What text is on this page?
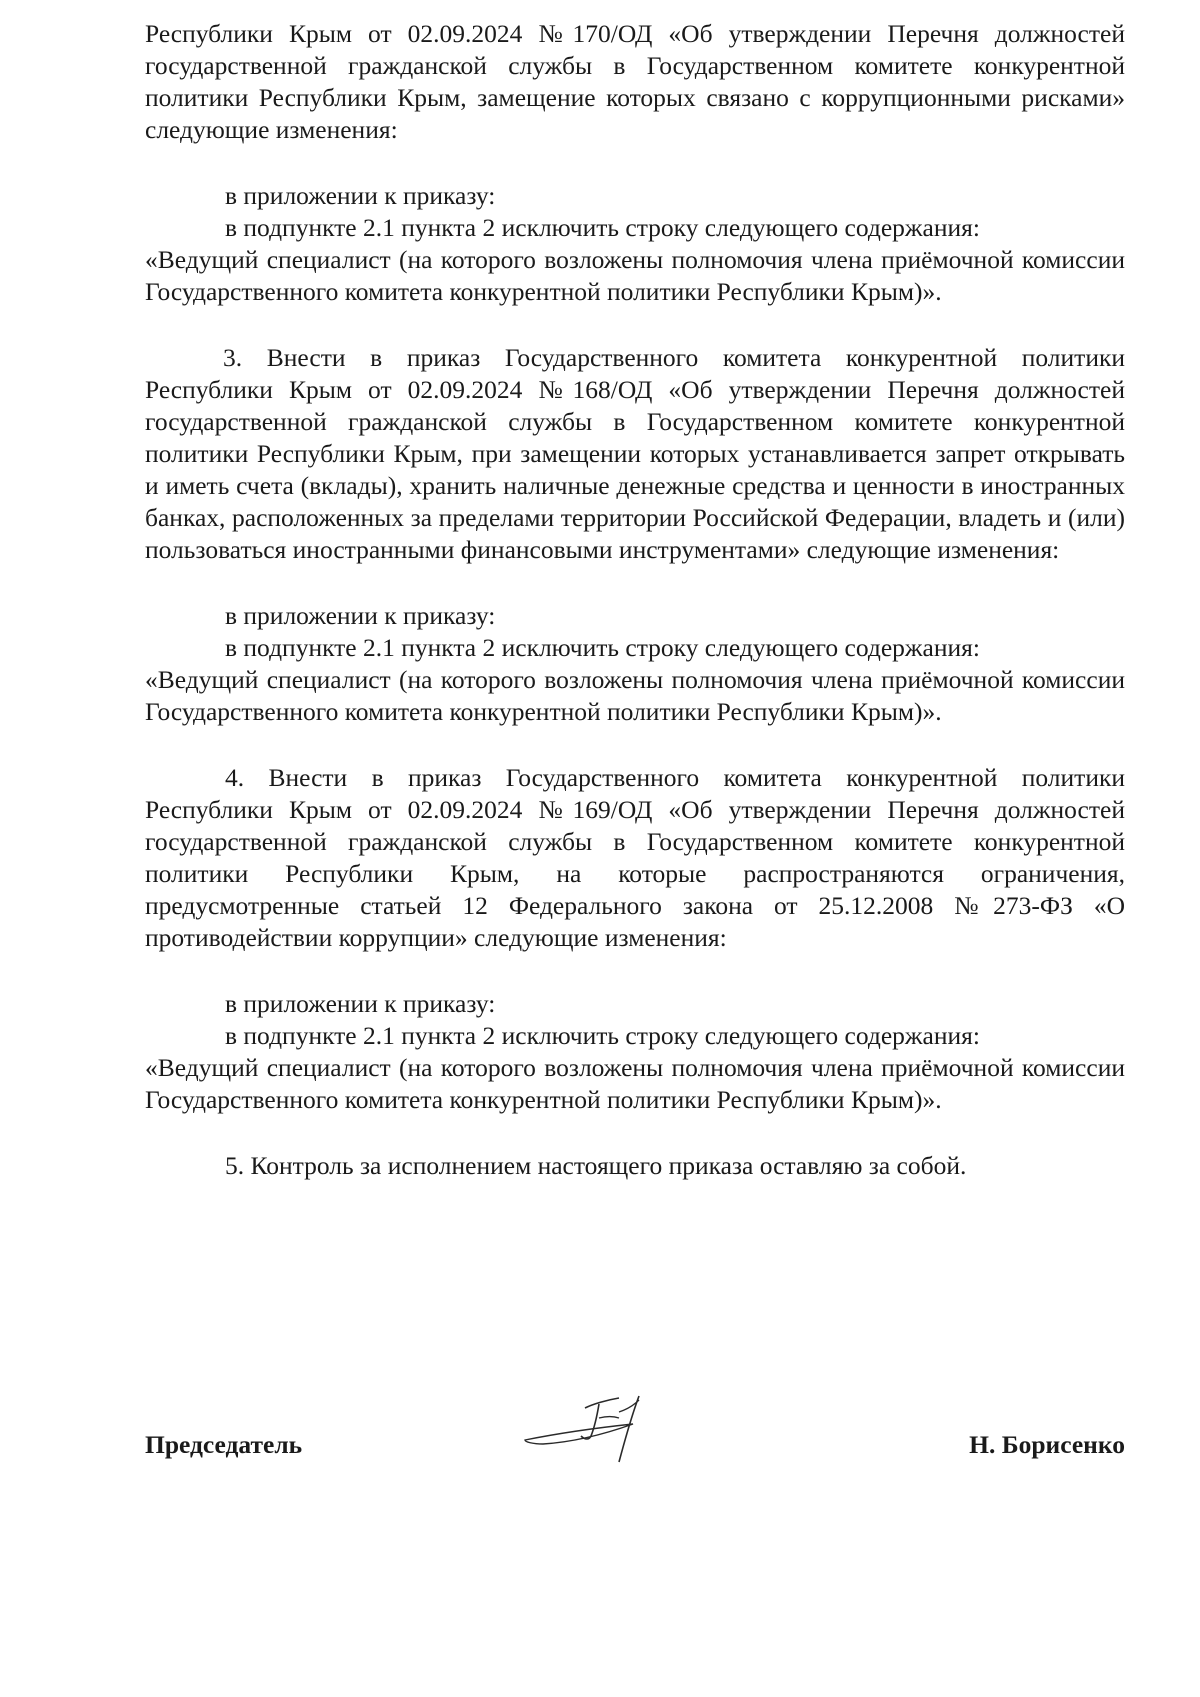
Республики Крым от 02.09.2024 №170/ОД «Об утверждении Перечня должностей государственной гражданской службы в Государственном комитете конкурентной политики Республики Крым, замещение которых связано с коррупционными рисками» следующие изменения:

в приложении к приказу:

в подпункте 2.1 пункта 2 исключить строку следующего содержания:

«Ведущий специалист (на которого возложены полномочия члена приёмочной комиссии Государственного комитета конкурентной политики Республики Крым)».

3. Внести в приказ Государственного комитета конкурентной политики Республики Крым от 02.09.2024 №168/ОД «Об утверждении Перечня должностей государственной гражданской службы в Государственном комитете конкурентной политики Республики Крым, при замещении которых устанавливается запрет открывать и иметь счета (вклады), хранить наличные денежные средства и ценности в иностранных банках, расположенных за пределами территории Российской Федерации, владеть и (или) пользоваться иностранными финансовыми инструментами» следующие изменения:

в приложении к приказу:

в подпункте 2.1 пункта 2 исключить строку следующего содержания:

«Ведущий специалист (на которого возложены полномочия члена приёмочной комиссии Государственного комитета конкурентной политики Республики Крым)».

4. Внести в приказ Государственного комитета конкурентной политики Республики Крым от 02.09.2024 №169/ОД «Об утверждении Перечня должностей государственной гражданской службы в Государственном комитете конкурентной политики Республики Крым, на которые распространяются ограничения, предусмотренные статьей 12 Федерального закона от 25.12.2008 №273-ФЗ «О противодействии коррупции» следующие изменения:

в приложении к приказу:

в подпункте 2.1 пункта 2 исключить строку следующего содержания:

«Ведущий специалист (на которого возложены полномочия члена приёмочной комиссии Государственного комитета конкурентной политики Республики Крым)».

5. Контроль за исполнением настоящего приказа оставляю за собой.

Председатель	Н. Борисенко
